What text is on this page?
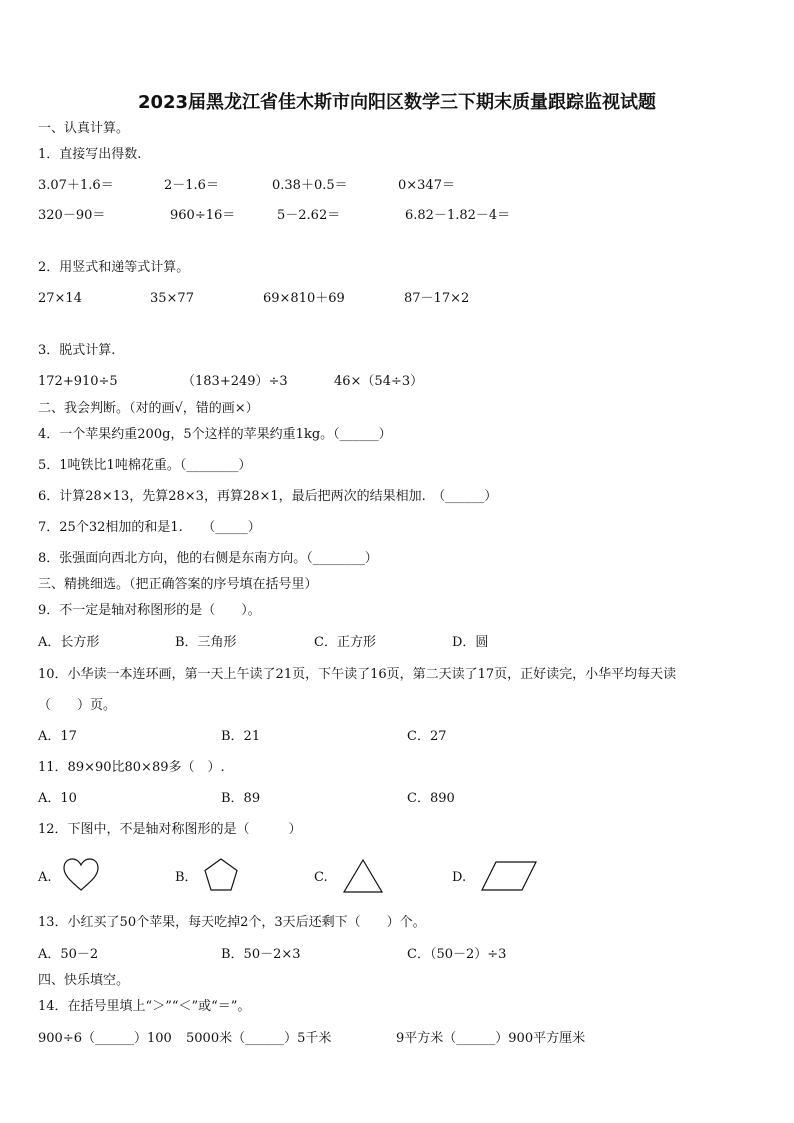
2023届黑龙江省佳木斯市向阳区数学三下期末质量跟踪监视试题
一、认真计算。
1．直接写出得数.
3.07＋1.6＝	2－1.6＝	0.38＋0.5＝	0×347＝
320－90＝	960÷16＝	5－2.62＝	6.82－1.82－4＝
2．用竖式和递等式计算。
27×14	35×77	69×810＋69	87－17×2
3．脱式计算.
172+910÷5	（183+249）÷3	46×（54÷3）
二、我会判断。（对的画√，错的画×）
4．一个苹果约重200g，5个这样的苹果约重1kg。（______）
5．1吨铁比1吨棉花重。（________）
6．计算28×13，先算28×3，再算28×1，最后把两次的结果相加.　（______）
7．25个32相加的和是1.　　（_____）
8．张强面向西北方向，他的右侧是东南方向。（________）
三、精挑细选。（把正确答案的序号填在括号里）
9．不一定是轴对称图形的是（　　）。
A．长方形	B．三角形	C．正方形	D．圆
10．小华读一本连环画，第一天上午读了21页，下午读了16页，第二天读了17页，正好读完，小华平均每天读
（　　）页。
A．17	B．21	C．27
11．89×90比80×89多（　）.
A．10	B．89	C．890
12．下图中，不是轴对称图形的是（　　　）
A.	B．	C.	D.
13．小红买了50个苹果，每天吃掉2个，3天后还剩下（　　）个。
A．50－2	B．50－2×3	C．（50－2）÷3
四、快乐填空。
14．在括号里填上“＞”“＜”或“＝”。
900÷6（______）100 5000米（______）5千米	9平方米（______）900平方厘米
